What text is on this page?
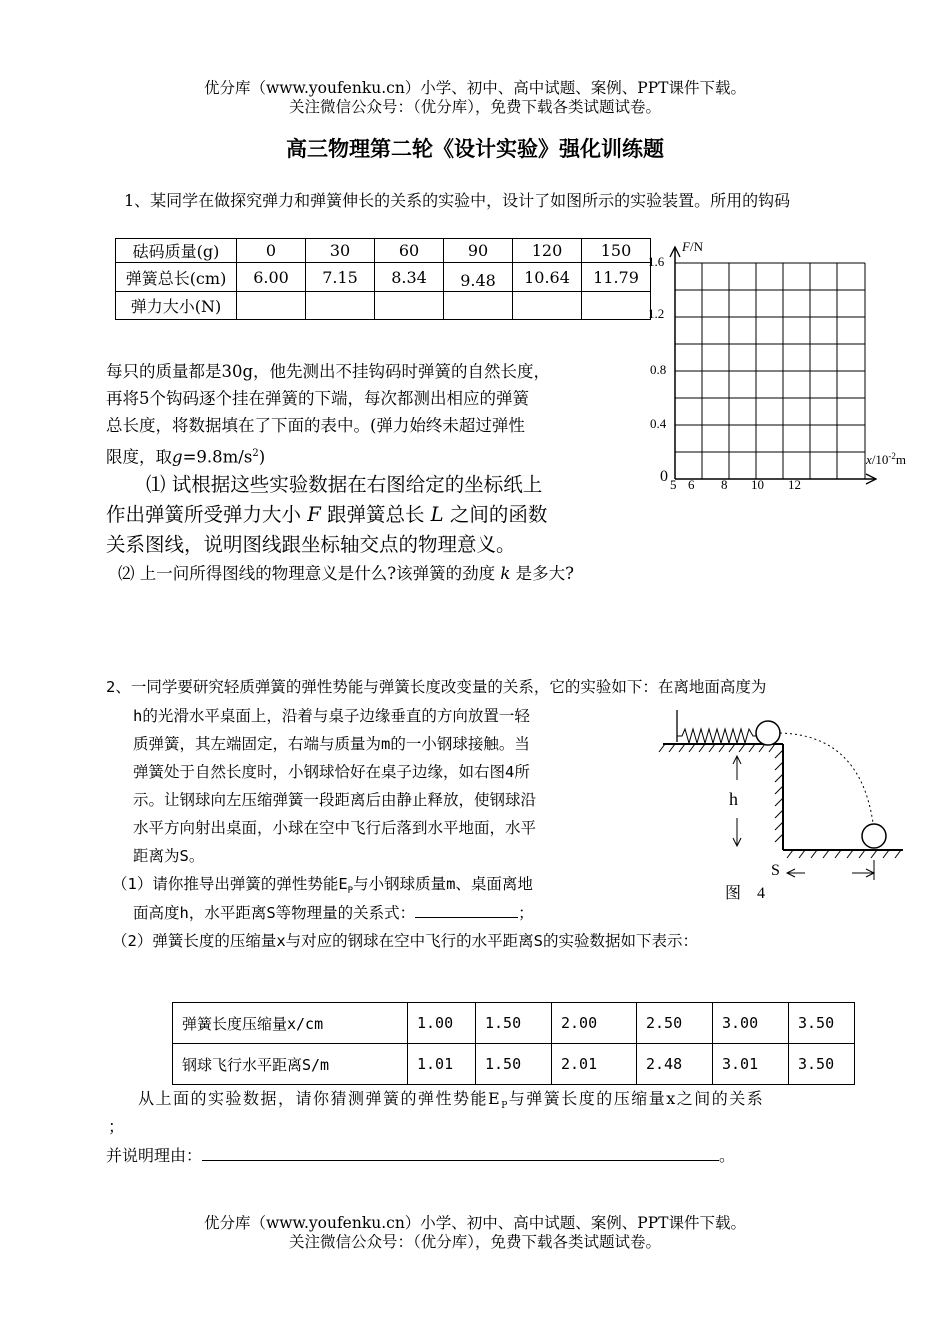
优分库（www.youfenku.cn）小学、初中、高中试题、案例、PPT课件下载。
关注微信公众号：（优分库），免费下载各类试题试卷。
高三物理第二轮《设计实验》强化训练题
1、某同学在做探究弹力和弹簧伸长的关系的实验中，设计了如图所示的实验装置。所用的钩码
砝码质量(g)	0	30	60	90	120	150
弹簧总长(cm)	6.00	7.15	8.34	9.48	10.64	11.79
弹力大小(N)						
F/N
1.6
1.2
0.8
0.4
0 5 6 8 10 12
$x/10^{-2}m$
每只的质量都是30g，他先测出不挂钩码时弹簧的自然长度，
再将5个钩码逐个挂在弹簧的下端，每次都测出相应的弹簧
总长度，将数据填在了下面的表中。(弹力始终未超过弹性
限度，取$g=9.8m/s^2$)
⑴ 试根据这些实验数据在右图给定的坐标纸上
作出弹簧所受弹力大小 F 跟弹簧总长 L 之间的函数
关系图线，说明图线跟坐标轴交点的物理意义。
⑵ 上一问所得图线的物理意义是什么?该弹簧的劲度 k 是多大?
2、一同学要研究轻质弹簧的弹性势能与弹簧长度改变量的关系，它的实验如下：在离地面高度为
h的光滑水平桌面上，沿着与桌子边缘垂直的方向放置一轻
质弹簧，其左端固定，右端与质量为m的一小钢球接触。当
弹簧处于自然长度时，小钢球恰好在桌子边缘，如右图4所
示。让钢球向左压缩弹簧一段距离后由静止释放，使钢球沿
水平方向射出桌面，小球在空中飞行后落到水平地面，水平
距离为S。
（1）请你推导出弹簧的弹性势能$E_P$与小钢球质量m、桌面离地
面高度h，水平距离S等物理量的关系式：	；
（2）弹簧长度的压缩量x与对应的钢球在空中飞行的水平距离S的实验数据如下表示：
h
S
图　4
弹簧长度压缩量x/cm	1.00	1.50	2.00	2.50	3.00	3.50
钢球飞行水平距离S/m	1.01	1.50	2.01	2.48	3.01	3.50
从上面的实验数据，请你猜测弹簧的弹性势能$E_P$与弹簧长度的压缩量x之间的关系
；
并说明理由：	。
优分库（www.youfenku.cn）小学、初中、高中试题、案例、PPT课件下载。
关注微信公众号：（优分库），免费下载各类试题试卷。
